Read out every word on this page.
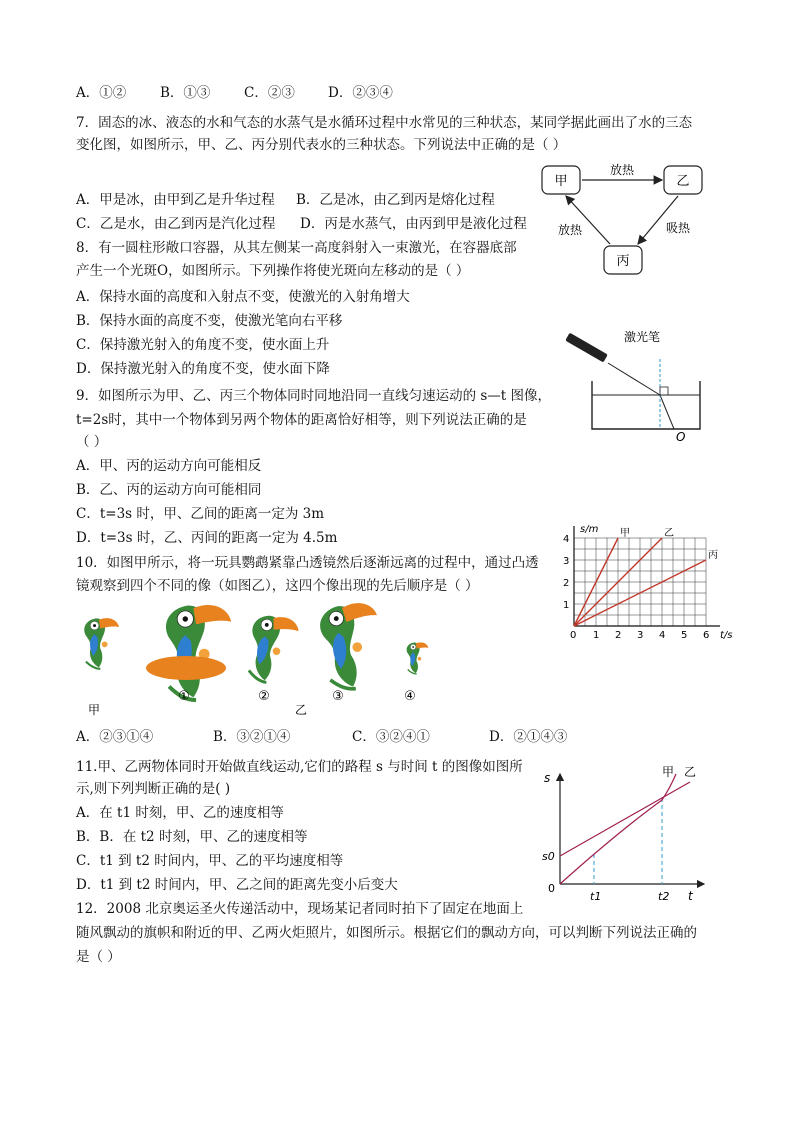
A．①②	B．①③ C．②③ D．②③④
7．固态的冰、液态的水和气态的水蒸气是水循环过程中水常见的三种状态，某同学据此画出了水的三态
变化图，如图所示，甲、乙、丙分别代表水的三种状态。下列说法中正确的是（ ）
A．甲是冰，由甲到乙是升华过程 B．乙是冰，由乙到丙是熔化过程
C．乙是水，由乙到丙是汽化过程 D．丙是水蒸气，由丙到甲是液化过程
甲	乙
丙
放热
吸热
放热
8．有一圆柱形敞口容器，从其左侧某一高度斜射入一束激光，在容器底部
产生一个光斑O，如图所示。下列操作将使光斑向左移动的是（ ）
A．保持水面的高度和入射点不变，使激光的入射角增大
B．保持水面的高度不变，使激光笔向右平移
C．保持激光射入的角度不变，使水面上升
D．保持激光射入的角度不变，使水面下降
激光笔
O
9．如图所示为甲、乙、丙三个物体同时同地沿同一直线匀速运动的 s—t 图像，
t=2s时，其中一个物体到另两个物体的距离恰好相等，则下列说法正确的是
（ ）
A．甲、丙的运动方向可能相反
B．乙、丙的运动方向可能相同
C．t=3s 时，甲、乙间的距离一定为 3m
D．t=3s 时，乙、丙间的距离一定为 4.5m
0 1 2 3 4 5 6
1
2
3
4
甲	乙
丙
s/m
t/s
10．如图甲所示，将一玩具鹦鹉紧靠凸透镜然后逐渐远离的过程中，通过凸透
镜观察到四个不同的像（如图乙），这四个像出现的先后顺序是（ ）
①	②	③	④
甲	乙
A．②③①④	B．③②①④	C．③②④①	D．②①④③
11.甲、乙两物体同时开始做直线运动,它们的路程 s 与时间 t 的图像如图所
示,则下列判断正确的是( )
A．在 t1 时刻，甲、乙的速度相等
B．B．在 t2 时刻，甲、乙的速度相等
C．t1 到 t2 时间内，甲、乙的平均速度相等
D．t1 到 t2 时间内，甲、乙之间的距离先变小后变大
s
t
s0
0
t1	t2
甲 乙
12．2008 北京奥运圣火传递活动中，现场某记者同时拍下了固定在地面上
随风飘动的旗帜和附近的甲、乙两火炬照片，如图所示。根据它们的飘动方向，可以判断下列说法正确的
是（ ）
